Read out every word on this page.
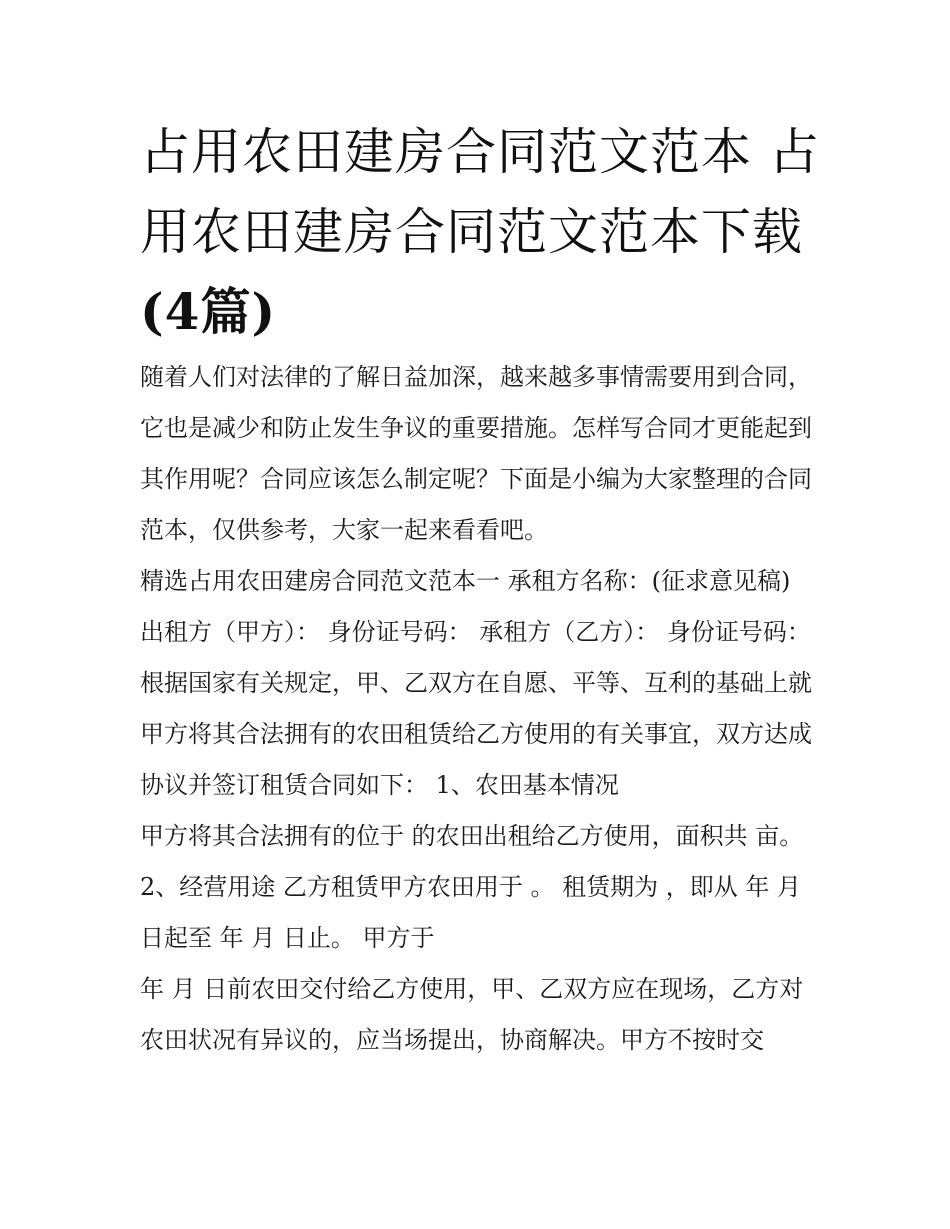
占用农田建房合同范文范本 占用农田建房合同范文范本下载
(4篇)

随着人们对法律的了解日益加深，越来越多事情需要用到合同，它也是减少和防止发生争议的重要措施。怎样写合同才更能起到其作用呢？合同应该怎么制定呢？下面是小编为大家整理的合同范本，仅供参考，大家一起来看看吧。

精选占用农田建房合同范文范本一 承租方名称：(征求意见稿) 出租方（甲方）： 身份证号码： 承租方（乙方）： 身份证号码：

根据国家有关规定，甲、乙双方在自愿、平等、互利的基础上就甲方将其合法拥有的农田租赁给乙方使用的有关事宜，双方达成协议并签订租赁合同如下： 1、农田基本情况

甲方将其合法拥有的位于 的农田出租给乙方使用，面积共 亩。 2、经营用途 乙方租赁甲方农田用于 。 租赁期为 ，即从 年 月 日起至 年 月 日止。 甲方于

年 月 日前农田交付给乙方使用，甲、乙双方应在现场，乙方对农田状况有异议的，应当场提出，协商解决。甲方不按时交
